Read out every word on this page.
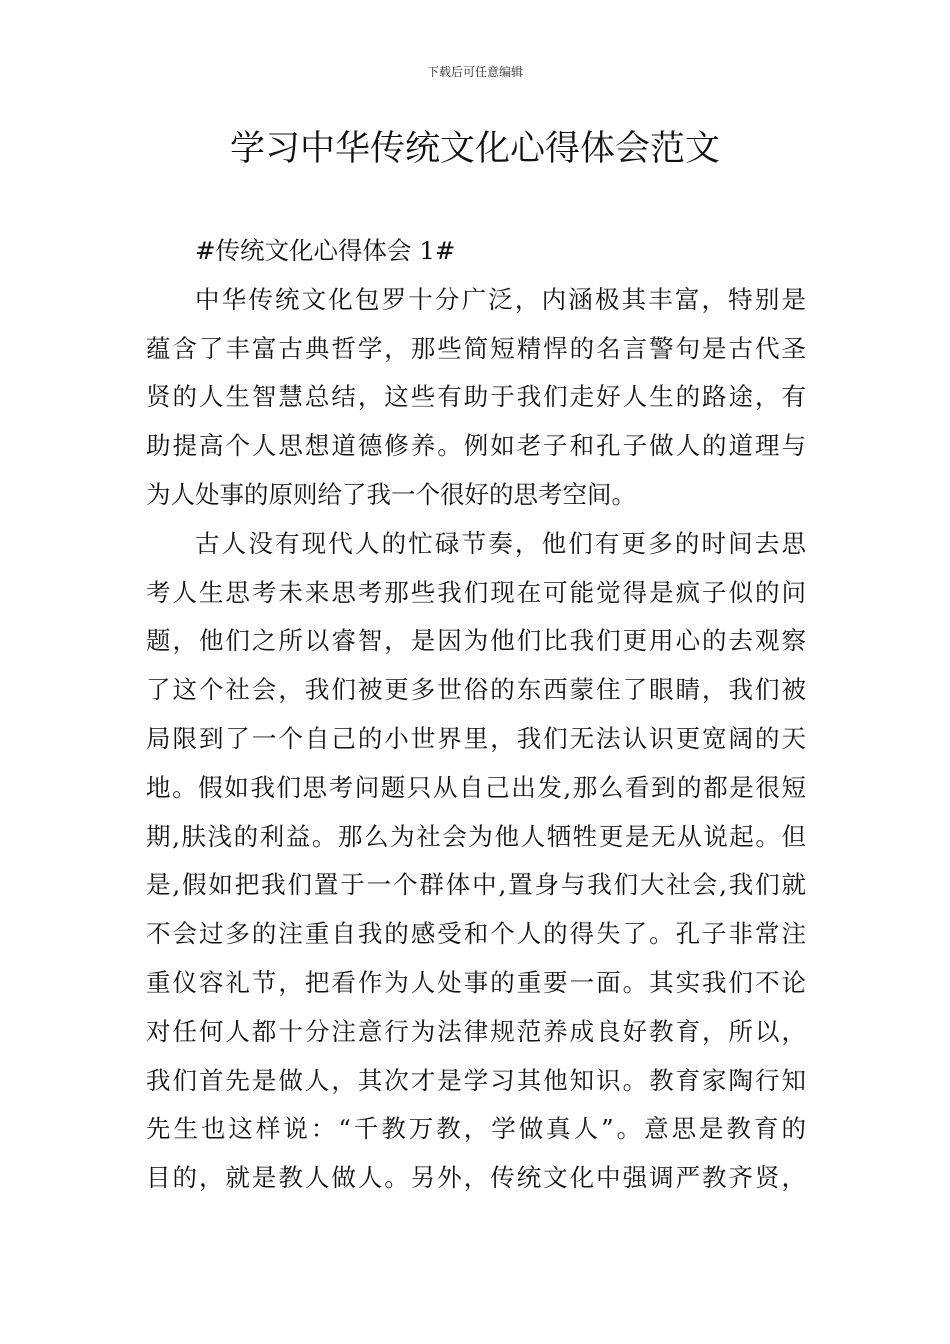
下载后可任意编辑
学习中华传统文化心得体会范文
#传统文化心得体会 1#
中华传统文化包罗十分广泛，内涵极其丰富，特别是
蕴含了丰富古典哲学，那些简短精悍的名言警句是古代圣
贤的人生智慧总结，这些有助于我们走好人生的路途，有
助提高个人思想道德修养。例如老子和孔子做人的道理与
为人处事的原则给了我一个很好的思考空间。
古人没有现代人的忙碌节奏，他们有更多的时间去思
考人生思考未来思考那些我们现在可能觉得是疯子似的问
题，他们之所以睿智，是因为他们比我们更用心的去观察
了这个社会，我们被更多世俗的东西蒙住了眼睛，我们被
局限到了一个自己的小世界里，我们无法认识更宽阔的天
地。假如我们思考问题只从自己出发,那么看到的都是很短
期,肤浅的利益。那么为社会为他人牺牲更是无从说起。但
是,假如把我们置于一个群体中,置身与我们大社会,我们就
不会过多的注重自我的感受和个人的得失了。孔子非常注
重仪容礼节，把看作为人处事的重要一面。其实我们不论
对任何人都十分注意行为法律规范养成良好教育，所以，
我们首先是做人，其次才是学习其他知识。教育家陶行知
先生也这样说：“千教万教，学做真人”。意思是教育的
目的，就是教人做人。另外，传统文化中强调严教齐贤，
